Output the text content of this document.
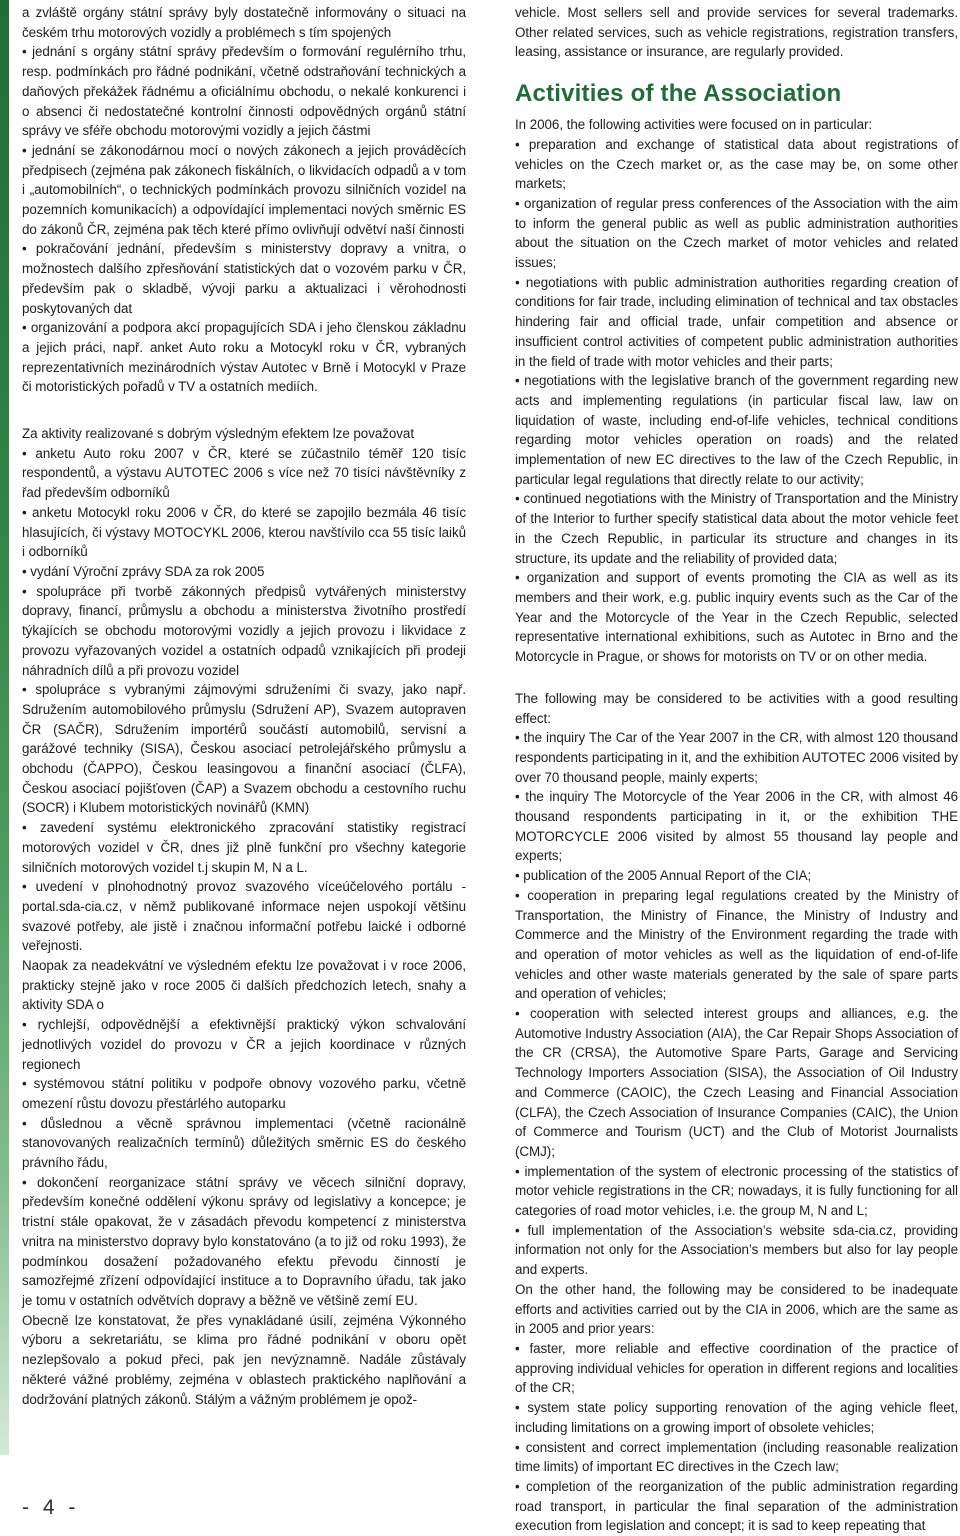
a zvláště orgány státní správy byly dostatečně informovány o situaci na českém trhu motorových vozidly a problémech s tím spojených

• jednání s orgány státní správy především o formování regulérního trhu, resp. podmínkách pro řádné podnikání, včetně odstraňování technických a daňových překážek řádnému a oficiálnímu obchodu, o nekalé konkurenci i o absenci či nedostatečné kontrolní činnosti odpovědných orgánů státní správy ve sféře obchodu motorovými vozidly a jejich částmi

• jednání se zákonodárnou mocí o nových zákonech a jejich prováděcích předpisech (zejména pak zákonech fiskálních, o likvidacích odpadů a v tom i „automobilních“, o technických podmínkách provozu silničních vozidel na pozemních komunikacích) a odpovídající implementaci nových směrnic ES do zákonů ČR, zejména pak těch které přímo ovlivňují odvětví naší činnosti

• pokračování jednání, především s ministerstvy dopravy a vnitra, o možnostech dalšího zpřesňování statistických dat o vozovém parku v ČR, především pak o skladbě, vývoji parku a aktualizaci i věrohodnosti poskytovaných dat

• organizování a podpora akcí propagujících SDA i jeho členskou základnu a jejich práci, např. anket Auto roku a Motocykl roku v ČR, vybraných reprezentativních mezinárodních výstav Autotec v Brně i Motocykl v Praze či motoristických pořadů v TV a ostatních mediích.

Za aktivity realizované s dobrým výsledným efektem lze považovat

• anketu Auto roku 2007 v ČR, které se zúčastnilo téměř 120 tisíc respondentů, a výstavu AUTOTEC 2006 s více než 70 tisíci návštěvníky z řad především odborníků

• anketu Motocykl roku 2006 v ČR, do které se zapojilo bezmála 46 tisíc hlasujících, či výstavy MOTOCYKL 2006, kterou navštívilo cca 55 tisíc laiků i odborníků

• vydání Výroční zprávy SDA za rok 2005

• spolupráce při tvorbě zákonných předpisů vytvářených ministerstvy dopravy, financí, průmyslu a obchodu a ministerstva životního prostředí týkajících se obchodu motorovými vozidly a jejich provozu i likvidace z provozu vyřazovaných vozidel a ostatních odpadů vznikajících při prodeji náhradních dílů a při provozu vozidel

• spolupráce s vybranými zájmovými sdruženími či svazy, jako např. Sdružením automobilového průmyslu (Sdružení AP), Svazem autopraven ČR (SAČR), Sdružením importérů součástí automobilů, servisní a garážové techniky (SISA), Českou asociací petrolejářského průmyslu a obchodu (ČAPPO), Českou leasingovou a finanční asociací (ČLFA), Českou asociací pojišťoven (ČAP) a Svazem obchodu a cestovního ruchu (SOCR) i Klubem motoristických novinářů (KMN)

• zavedení systému elektronického zpracování statistiky registrací motorových vozidel v ČR, dnes již plně funkční pro všechny kategorie silničních motorových vozidel t.j skupin M, N a L.

• uvedení v plnohodnotný provoz svazového víceúčelového portálu - portal.sda-cia.cz, v němž publikované informace nejen uspokojí většinu svazové potřeby, ale jistě i značnou informační potřebu laické i odborné veřejnosti.

Naopak za neadekvátní ve výsledném efektu lze považovat i v roce 2006, prakticky stejně jako v roce 2005 či dalších předchozích letech, snahy a aktivity SDA o

• rychlejší, odpovědnější a efektivnější praktický výkon schvalování jednotlivých vozidel do provozu v ČR a jejich koordinace v různých regionech

• systémovou státní politiku v podpoře obnovy vozového parku, včetně omezení růstu dovozu přestárlého autoparku

• důslednou a věcně správnou implementaci (včetně racionálně stanovovaných realizačních termínů) důležitých směrnic ES do českého právního řádu,

• dokončení reorganizace státní správy ve věcech silniční dopravy, především konečné oddělení výkonu správy od legislativy a koncepce; je tristní stále opakovat, že v zásadách převodu kompetencí z ministerstva vnitra na ministerstvo dopravy bylo konstatováno (a to již od roku 1993), že podmínkou dosažení požadovaného efektu převodu činností je samozřejmé zřízení odpovídající instituce a to Dopravního úřadu, tak jako je tomu v ostatních odvětvích dopravy a běžně ve většině zemí EU.

Obecně lze konstatovat, že přes vynakládané úsilí, zejména Výkonného výboru a sekretariátu, se klima pro řádné podnikání v oboru opět nezlepšovalo a pokud přeci, pak jen nevýznamně. Nadále zůstávaly některé vážné problémy, zejména v oblastech praktického naplňování a dodržování platných zákonů. Stálým a vážným problémem je opož-

vehicle. Most sellers sell and provide services for several trademarks. Other related services, such as vehicle registrations, registration transfers, leasing, assistance or insurance, are regularly provided.

Activities of the Association

In 2006, the following activities were focused on in particular:

• preparation and exchange of statistical data about registrations of vehicles on the Czech market or, as the case may be, on some other markets;

• organization of regular press conferences of the Association with the aim to inform the general public as well as public administration authorities about the situation on the Czech market of motor vehicles and related issues;

• negotiations with public administration authorities regarding creation of conditions for fair trade, including elimination of technical and tax obstacles hindering fair and official trade, unfair competition and absence or insufficient control activities of competent public administration authorities in the field of trade with motor vehicles and their parts;

• negotiations with the legislative branch of the government regarding new acts and implementing regulations (in particular fiscal law, law on liquidation of waste, including end-of-life vehicles, technical conditions regarding motor vehicles operation on roads) and the related implementation of new EC directives to the law of the Czech Republic, in particular legal regulations that directly relate to our activity;

• continued negotiations with the Ministry of Transportation and the Ministry of the Interior to further specify statistical data about the motor vehicle feet in the Czech Republic, in particular its structure and changes in its structure, its update and the reliability of provided data;

• organization and support of events promoting the CIA as well as its members and their work, e.g. public inquiry events such as the Car of the Year and the Motorcycle of the Year in the Czech Republic, selected representative international exhibitions, such as Autotec in Brno and the Motorcycle in Prague, or shows for motorists on TV or on other media.

The following may be considered to be activities with a good resulting effect:

• the inquiry The Car of the Year 2007 in the CR, with almost 120 thousand respondents participating in it, and the exhibition AUTOTEC 2006 visited by over 70 thousand people, mainly experts;

• the inquiry The Motorcycle of the Year 2006 in the CR, with almost 46 thousand respondents participating in it, or the exhibition THE MOTORCYCLE 2006 visited by almost 55 thousand lay people and experts;

• publication of the 2005 Annual Report of the CIA;

• cooperation in preparing legal regulations created by the Ministry of Transportation, the Ministry of Finance, the Ministry of Industry and Commerce and the Ministry of the Environment regarding the trade with and operation of motor vehicles as well as the liquidation of end-of-life vehicles and other waste materials generated by the sale of spare parts and operation of vehicles;

• cooperation with selected interest groups and alliances, e.g. the Automotive Industry Association (AIA), the Car Repair Shops Association of the CR (CRSA), the Automotive Spare Parts, Garage and Servicing Technology Importers Association (SISA), the Association of Oil Industry and Commerce (CAOIC), the Czech Leasing and Financial Association (CLFA), the Czech Association of Insurance Companies (CAIC), the Union of Commerce and Tourism (UCT) and the Club of Motorist Journalists (CMJ);

• implementation of the system of electronic processing of the statistics of motor vehicle registrations in the CR; nowadays, it is fully functioning for all categories of road motor vehicles, i.e. the group M, N and L;

• full implementation of the Association’s website sda-cia.cz, providing information not only for the Association’s members but also for lay people and experts.

On the other hand, the following may be considered to be inadequate efforts and activities carried out by the CIA in 2006, which are the same as in 2005 and prior years:

• faster, more reliable and effective coordination of the practice of approving individual vehicles for operation in different regions and localities of the CR;

• system state policy supporting renovation of the aging vehicle fleet, including limitations on a growing import of obsolete vehicles;

• consistent and correct implementation (including reasonable realization time limits) of important EC directives in the Czech law;

• completion of the reorganization of the public administration regarding road transport, in particular the final separation of the administration execution from legislation and concept; it is sad to keep repeating that

- 4 -
